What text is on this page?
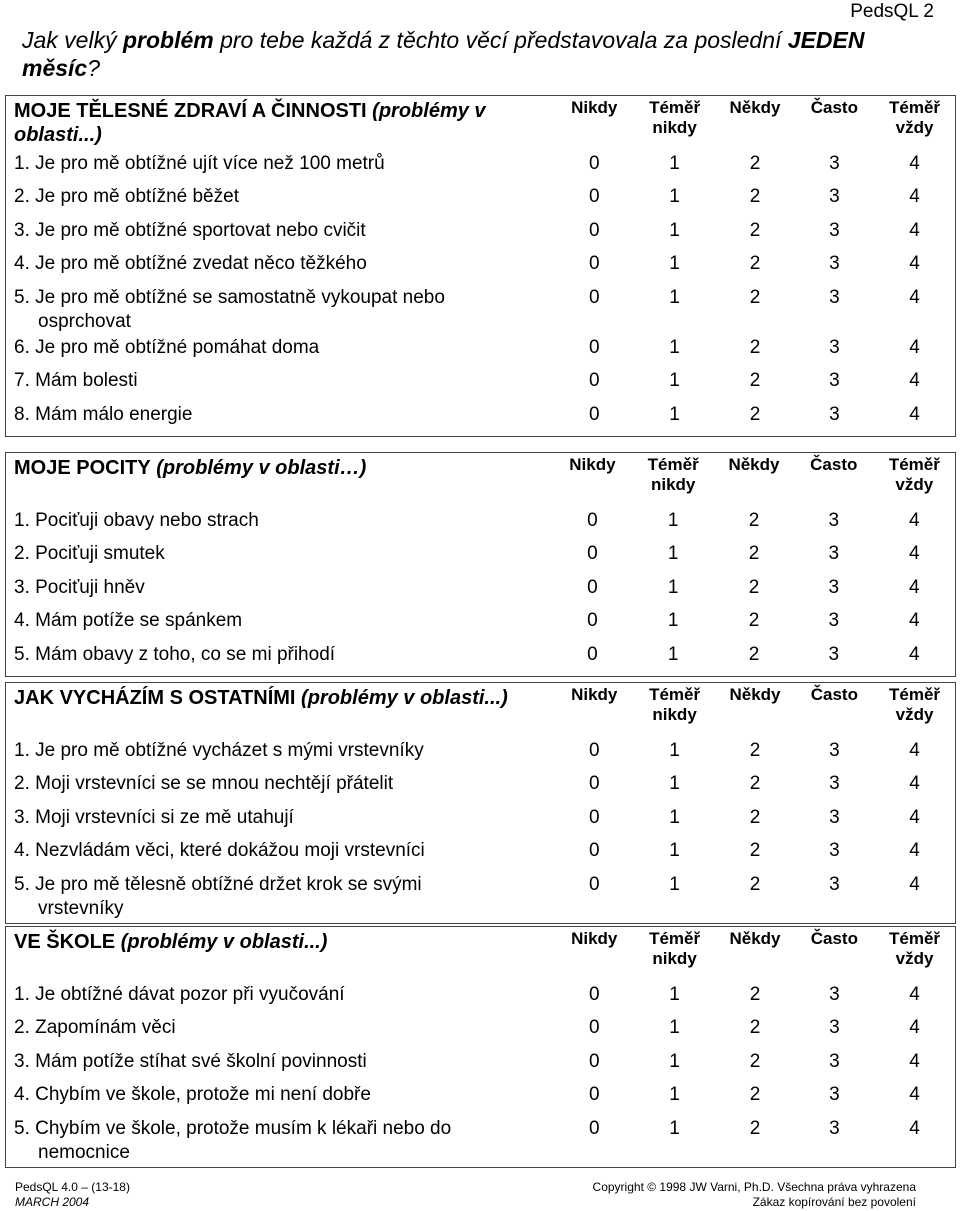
PedsQL 2
Jak velký problém pro tebe každá z těchto věcí představovala za poslední JEDEN měsíc?
MOJE TĚLESNÉ ZDRAVÍ A ČINNOSTI (problémy v oblasti...)	Nikdy	Téměř nikdy	Někdy	Často	Téměř vždy
1. Je pro mě obtížné ujít více než 100 metrů	0	1	2	3	4
2. Je pro mě obtížné běžet	0	1	2	3	4
3. Je pro mě obtížné sportovat nebo cvičit	0	1	2	3	4
4. Je pro mě obtížné zvedat něco těžkého	0	1	2	3	4
5. Je pro mě obtížné se samostatně vykoupat nebo osprchovat	0	1	2	3	4
6. Je pro mě obtížné pomáhat doma	0	1	2	3	4
7. Mám bolesti	0	1	2	3	4
8. Mám málo energie	0	1	2	3	4
MOJE POCITY (problémy v oblasti…)	Nikdy	Téměř nikdy	Někdy	Často	Téměř vždy
1. Pociťuji obavy nebo strach	0	1	2	3	4
2. Pociťuji smutek	0	1	2	3	4
3. Pociťuji hněv	0	1	2	3	4
4. Mám potíže se spánkem	0	1	2	3	4
5. Mám obavy z toho, co se mi přihodí	0	1	2	3	4
JAK VYCHÁZÍM S OSTATNÍMI (problémy v oblasti...)	Nikdy	Téměř nikdy	Někdy	Často	Téměř vždy
1. Je pro mě obtížné vycházet s mými vrstevníky	0	1	2	3	4
2. Moji vrstevníci se se mnou nechtějí přátelit	0	1	2	3	4
3. Moji vrstevníci si ze mě utahují	0	1	2	3	4
4. Nezvládám věci, které dokážou moji vrstevníci	0	1	2	3	4
5. Je pro mě tělesně obtížné držet krok se svými vrstevníky	0	1	2	3	4
VE ŠKOLE (problémy v oblasti...)	Nikdy	Téměř nikdy	Někdy	Často	Téměř vždy
1. Je obtížné dávat pozor při vyučování	0	1	2	3	4
2. Zapomínám věci	0	1	2	3	4
3. Mám potíže stíhat své školní povinnosti	0	1	2	3	4
4. Chybím ve škole, protože mi není dobře	0	1	2	3	4
5. Chybím ve škole, protože musím k lékaři nebo do nemocnice	0	1	2	3	4
PedsQL 4.0 – (13-18)
MARCH 2004
Copyright © 1998 JW Varni, Ph.D. Všechna práva vyhrazena
Zákaz kopírování bez povolení
